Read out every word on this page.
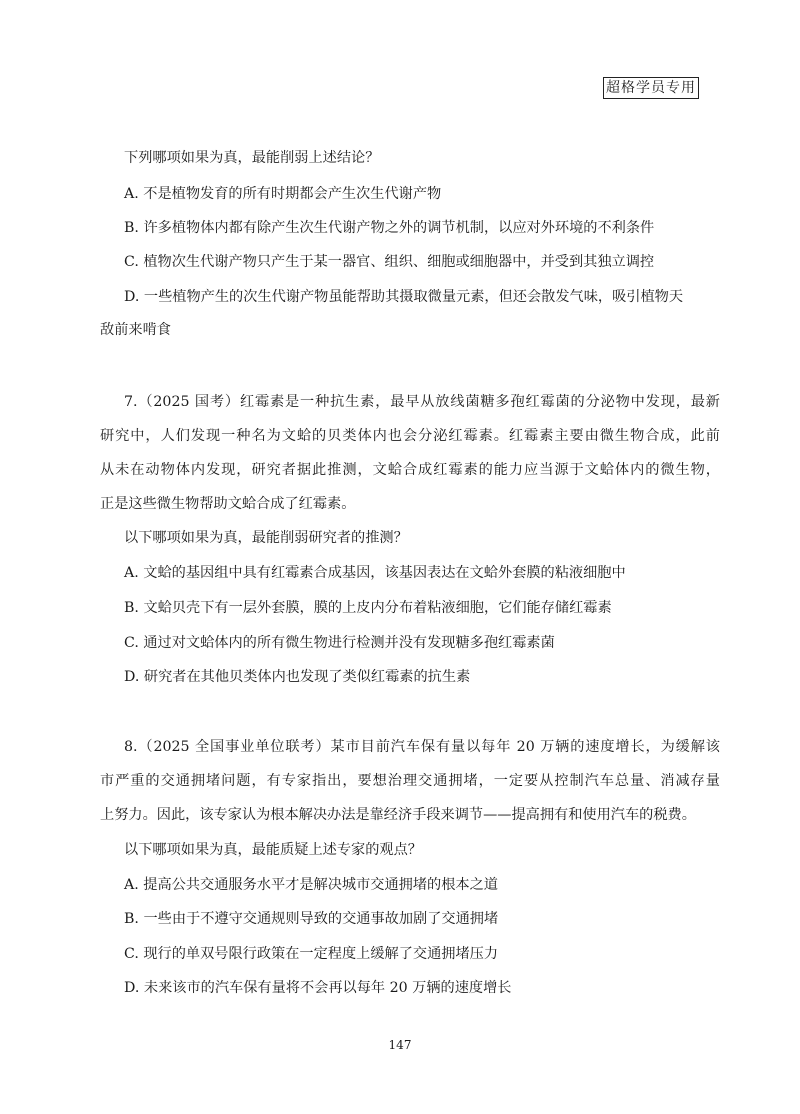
超格学员专用
下列哪项如果为真，最能削弱上述结论？
A. 不是植物发育的所有时期都会产生次生代谢产物
B. 许多植物体内都有除产生次生代谢产物之外的调节机制，以应对外环境的不利条件
C. 植物次生代谢产物只产生于某一器官、组织、细胞或细胞器中，并受到其独立调控
D. 一些植物产生的次生代谢产物虽能帮助其摄取微量元素，但还会散发气味，吸引植物天
敌前来啃食
7.（2025 国考）红霉素是一种抗生素，最早从放线菌糖多孢红霉菌的分泌物中发现，最新
研究中，人们发现一种名为文蛤的贝类体内也会分泌红霉素。红霉素主要由微生物合成，此前
从未在动物体内发现，研究者据此推测，文蛤合成红霉素的能力应当源于文蛤体内的微生物，
正是这些微生物帮助文蛤合成了红霉素。
以下哪项如果为真，最能削弱研究者的推测？
A. 文蛤的基因组中具有红霉素合成基因，该基因表达在文蛤外套膜的粘液细胞中
B. 文蛤贝壳下有一层外套膜，膜的上皮内分布着粘液细胞，它们能存储红霉素
C. 通过对文蛤体内的所有微生物进行检测并没有发现糖多孢红霉素菌
D. 研究者在其他贝类体内也发现了类似红霉素的抗生素
8.（2025 全国事业单位联考）某市目前汽车保有量以每年 20 万辆的速度增长，为缓解该
市严重的交通拥堵问题，有专家指出，要想治理交通拥堵，一定要从控制汽车总量、消减存量
上努力。因此，该专家认为根本解决办法是靠经济手段来调节——提高拥有和使用汽车的税费。
以下哪项如果为真，最能质疑上述专家的观点？
A. 提高公共交通服务水平才是解决城市交通拥堵的根本之道
B. 一些由于不遵守交通规则导致的交通事故加剧了交通拥堵
C. 现行的单双号限行政策在一定程度上缓解了交通拥堵压力
D. 未来该市的汽车保有量将不会再以每年 20 万辆的速度增长
147
